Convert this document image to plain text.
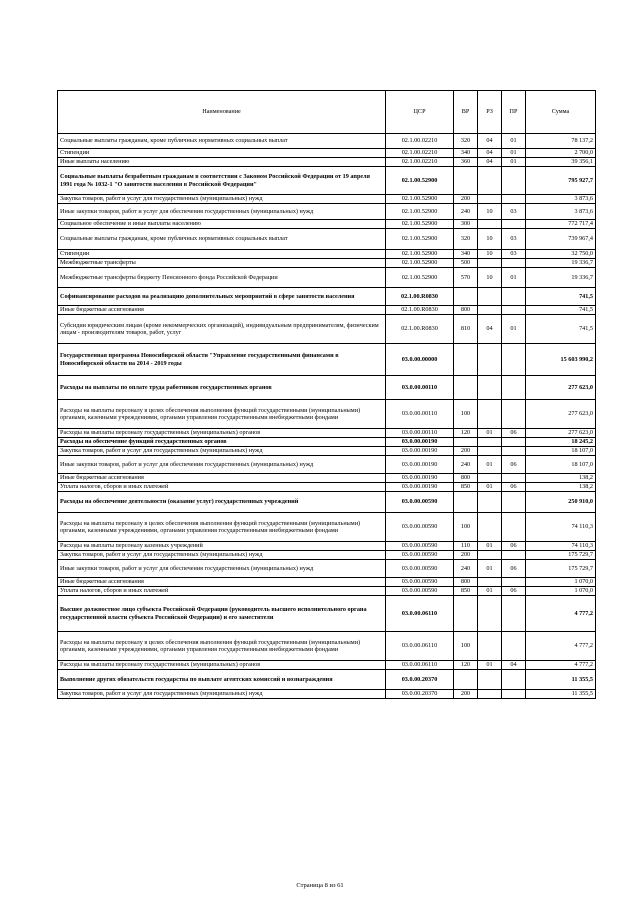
Наименование	ЦСР	ВР	РЗ	ПР	Сумма
Социальные выплаты гражданам, кроме публичных нормативных социальных выплат	02.1.00.02210	320	04	01	78 137,2
Стипендии	02.1.00.02210	340	04	01	2 700,0
Иные выплаты населению	02.1.00.02210	360	04	01	39 356,1
Социальные выплаты безработным гражданам в соответствии с Законом Российской Федерации от 19 апреля 1991 года № 1032-1 "О занятости населения в Российской Федерации"	02.1.00.52900				795 927,7
Закупка товаров, работ и услуг для государственных (муниципальных) нужд	02.1.00.52900	200			3 873,6
Иные закупки товаров, работ и услуг для обеспечения государственных (муниципальных) нужд	02.1.00.52900	240	10	03	3 873,6
Социальное обеспечение и иные выплаты населению	02.1.00.52900	300			772 717,4
Социальные выплаты гражданам, кроме публичных нормативных социальных выплат	02.1.00.52900	320	10	03	739 967,4
Стипендии	02.1.00.52900	340	10	03	32 750,0
Межбюджетные трансферты	02.1.00.52900	500			19 336,7
Межбюджетные трансферты бюджету Пенсионного фонда Российской Федерации	02.1.00.52900	570	10	01	19 336,7
Софинансирование расходов на реализацию дополнительных мероприятий в сфере занятости населения	02.1.00.R0830				741,5
Иные бюджетные ассигнования	02.1.00.R0830	800			741,5
Субсидии юридическим лицам (кроме некоммерческих организаций), индивидуальным предпринимателям, физическим лицам - производителям товаров, работ, услуг	02.1.00.R0830	810	04	01	741,5
Государственная программа Новосибирской области "Управление государственными финансами в Новосибирской области на 2014 - 2019 годы	03.0.00.00000				15 603 990,2
Расходы на выплаты по оплате труда работников государственных органов	03.0.00.00110				277 623,0
Расходы на выплаты персоналу в целях обеспечения выполнения функций государственными (муниципальными) органами, казенными учреждениями, органами управления государственными внебюджетными фондами	03.0.00.00110	100			277 623,0
Расходы на выплаты персоналу государственных (муниципальных) органов	03.0.00.00110	120	01	06	277 623,0
Расходы на обеспечение функций государственных органов	03.0.00.00190				18 245,2
Закупка товаров, работ и услуг для государственных (муниципальных) нужд	03.0.00.00190	200			18 107,0
Иные закупки товаров, работ и услуг для обеспечения государственных (муниципальных) нужд	03.0.00.00190	240	01	06	18 107,0
Иные бюджетные ассигнования	03.0.00.00190	800			138,2
Уплата налогов, сборов и иных платежей	03.0.00.00190	850	01	06	138,2
Расходы на обеспечение деятельности (оказание услуг) государственных учреждений	03.0.00.00590				250 910,0
Расходы на выплаты персоналу в целях обеспечения выполнения функций государственными (муниципальными) органами, казенными учреждениями, органами управления государственными внебюджетными фондами	03.0.00.00590	100			74 110,3
Расходы на выплаты персоналу казенных учреждений	03.0.00.00590	110	01	06	74 110,3
Закупка товаров, работ и услуг для государственных (муниципальных) нужд	03.0.00.00590	200			175 729,7
Иные закупки товаров, работ и услуг для обеспечения государственных (муниципальных) нужд	03.0.00.00590	240	01	06	175 729,7
Иные бюджетные ассигнования	03.0.00.00590	800			1 070,0
Уплата налогов, сборов и иных платежей	03.0.00.00590	850	01	06	1 070,0
Высшее должностное лицо субъекта Российской Федерации (руководитель высшего исполнительного органа государственной власти субъекта Российской Федерации) и его заместители	03.0.00.06110				4 777,2
Расходы на выплаты персоналу в целях обеспечения выполнения функций государственными (муниципальными) органами, казенными учреждениями, органами управления государственными внебюджетными фондами	03.0.00.06110	100			4 777,2
Расходы на выплаты персоналу государственных (муниципальных) органов	03.0.00.06110	120	01	04	4 777,2
Выполнение других обязательств государства по выплате агентских комиссий и вознаграждения	03.0.00.20370				11 355,5
Закупка товаров, работ и услуг для государственных (муниципальных) нужд	03.0.00.20370	200			11 355,5
Страница 8 из 61
